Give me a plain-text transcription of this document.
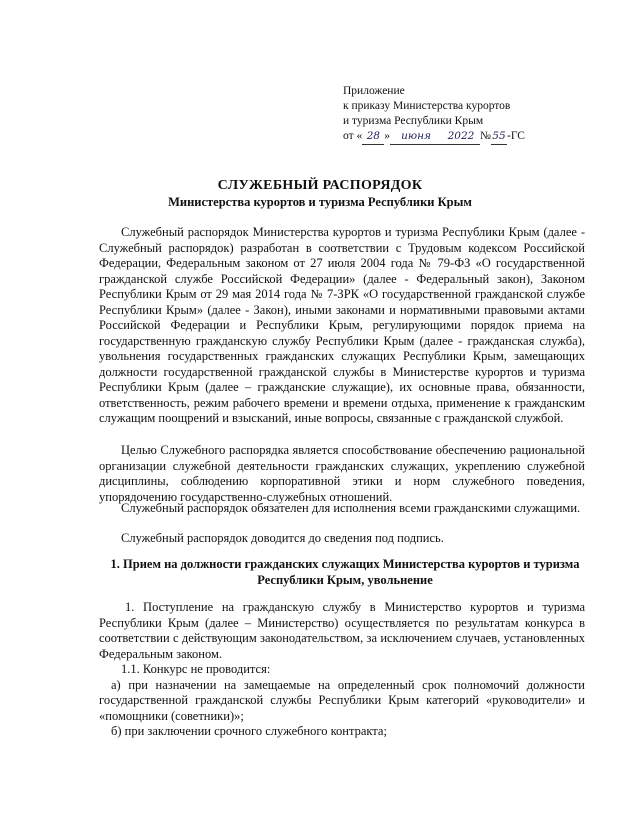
Приложение
к приказу Министерства курортов
и туризма Республики Крым
от « 28 » июня 2022 №55-ГС
СЛУЖЕБНЫЙ РАСПОРЯДОК
Министерства курортов и туризма Республики Крым

Служебный распорядок Министерства курортов и туризма Республики Крым (далее - Служебный распорядок) разработан в соответствии с Трудовым кодексом Российской Федерации, Федеральным законом от 27 июля 2004 года № 79-ФЗ «О государственной гражданской службе Российской Федерации» (далее - Федеральный закон), Законом Республики Крым от 29 мая 2014 года № 7-ЗРК «О государственной гражданской службе Республики Крым» (далее - Закон), иными законами и нормативными правовыми актами Российской Федерации и Республики Крым, регулирующими порядок приема на государственную гражданскую службу Республики Крым (далее - гражданская служба), увольнения государственных гражданских служащих Республики Крым, замещающих должности государственной гражданской службы в Министерстве курортов и туризма Республики Крым (далее – гражданские служащие), их основные права, обязанности, ответственность, режим рабочего времени и времени отдыха, применение к гражданским служащим поощрений и взысканий, иные вопросы, связанные с гражданской службой.

Целью Служебного распорядка является способствование обеспечению рациональной организации служебной деятельности гражданских служащих, укреплению служебной дисциплины, соблюдению корпоративной этики и норм служебного поведения, упорядочению государственно-служебных отношений.

Служебный распорядок обязателен для исполнения всеми гражданскими служащими.

Служебный распорядок доводится до сведения под подпись.

1. Прием на должности гражданских служащих Министерства курортов и туризма Республики Крым, увольнение

1. Поступление на гражданскую службу в Министерство курортов и туризма Республики Крым (далее – Министерство) осуществляется по результатам конкурса в соответствии с действующим законодательством, за исключением случаев, установленных Федеральным законом.

1.1. Конкурс не проводится:

а) при назначении на замещаемые на определенный срок полномочий должности государственной гражданской службы Республики Крым категорий «руководители» и «помощники (советники)»;

б) при заключении срочного служебного контракта;
